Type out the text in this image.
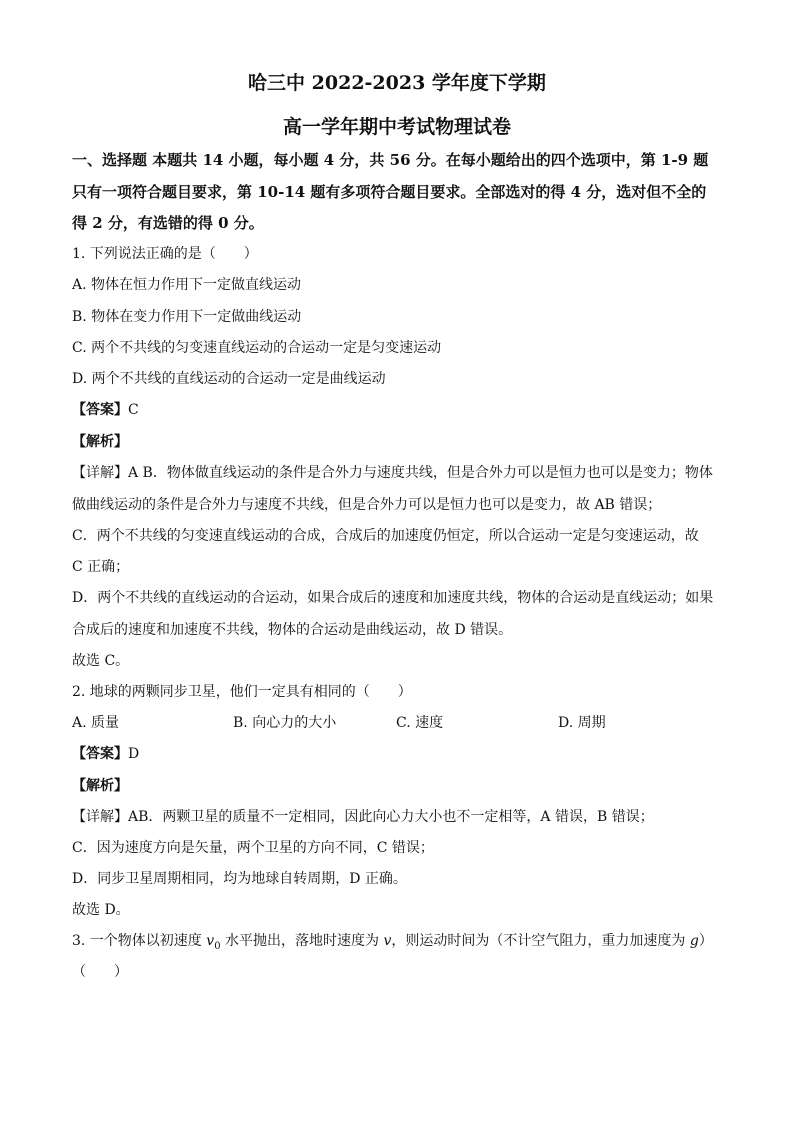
哈三中 2022-2023 学年度下学期
高一学年期中考试物理试卷
一、选择题 本题共 14 小题，每小题 4 分，共 56 分。在每小题给出的四个选项中，第 1-9 题
只有一项符合题目要求，第 10-14 题有多项符合题目要求。全部选对的得 4 分，选对但不全的
得 2 分，有选错的得 0 分。
1. 下列说法正确的是（　　）
A. 物体在恒力作用下一定做直线运动
B. 物体在变力作用下一定做曲线运动
C. 两个不共线的匀变速直线运动的合运动一定是匀变速运动
D. 两个不共线的直线运动的合运动一定是曲线运动
【答案】C
【解析】
【详解】A B．物体做直线运动的条件是合外力与速度共线，但是合外力可以是恒力也可以是变力；物体
做曲线运动的条件是合外力与速度不共线，但是合外力可以是恒力也可以是变力，故 AB 错误；
C．两个不共线的匀变速直线运动的合成，合成后的加速度仍恒定，所以合运动一定是匀变速运动，故
C 正确；
D．两个不共线的直线运动的合运动，如果合成后的速度和加速度共线，物体的合运动是直线运动；如果
合成后的速度和加速度不共线，物体的合运动是曲线运动，故 D 错误。
故选 C。
2. 地球的两颗同步卫星，他们一定具有相同的（　　）
A. 质量	B. 向心力的大小	C. 速度	D. 周期
【答案】D
【解析】
【详解】AB．两颗卫星的质量不一定相同，因此向心力大小也不一定相等，A 错误，B 错误；
C．因为速度方向是矢量，两个卫星的方向不同，C 错误；
D．同步卫星周期相同，均为地球自转周期，D 正确。
故选 D。
3. 一个物体以初速度 $v_0$ 水平抛出，落地时速度为 v，则运动时间为（不计空气阻力，重力加速度为 g）
（　　）
